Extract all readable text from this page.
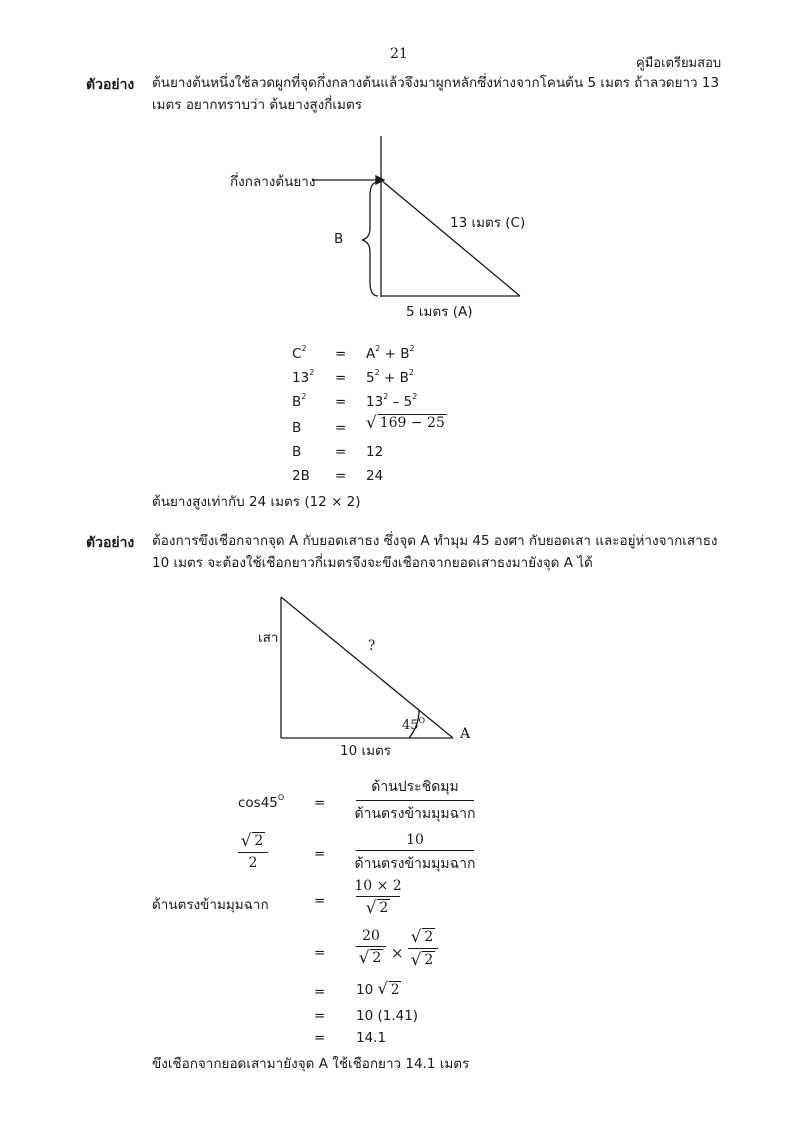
21
คู่มือเตรียมสอบ
ตัวอย่าง ต้นยางต้นหนึ่งใช้ลวดผูกที่จุดกึ่งกลางต้นแล้วจึงมาผูกหลักซึ่งห่างจากโคนต้น 5 เมตร ถ้าลวดยาว 13
เมตร อยากทราบว่า ต้นยางสูงกี่เมตร
กึ่งกลางต้นยาง
13 เมตร (C)
B
5 เมตร (A)
$C^2 = A^2 + B^2$
$13^2 = 5^2 + B^2$
$B^2 = 13^2 - 5^2$
B = √ 169 − 25
B = 12
2B = 24
ต้นยางสูงเท่ากับ 24 เมตร (12 × 2)
ตัวอย่าง ต้องการขึงเชือกจากจุด A กับยอดเสาธง ซึ่งจุด A ทำมุม 45 องศา กับยอดเสา และอยู่ห่างจากเสาธง
10 เมตร จะต้องใช้เชือกยาวกี่เมตรจึงจะขึงเชือกจากยอดเสาธงมายังจุด A ได้
เสา	?
$45^O$
A
10 เมตร
$\cos 45^O$ =
ด้านประชิดมุม
ด้านตรงข้ามมุมฉาก
√ 2
2
=
10
ด้านตรงข้ามมุมฉาก
ด้านตรงข้ามมุมฉาก	=
10 × 2
√ 2
=
20
√ 2 ×
√ 2
√ 2
= 10 √ 2
= 10 (1.41)
= 14.1
ขึงเชือกจากยอดเสามายังจุด A ใช้เชือกยาว 14.1 เมตร
